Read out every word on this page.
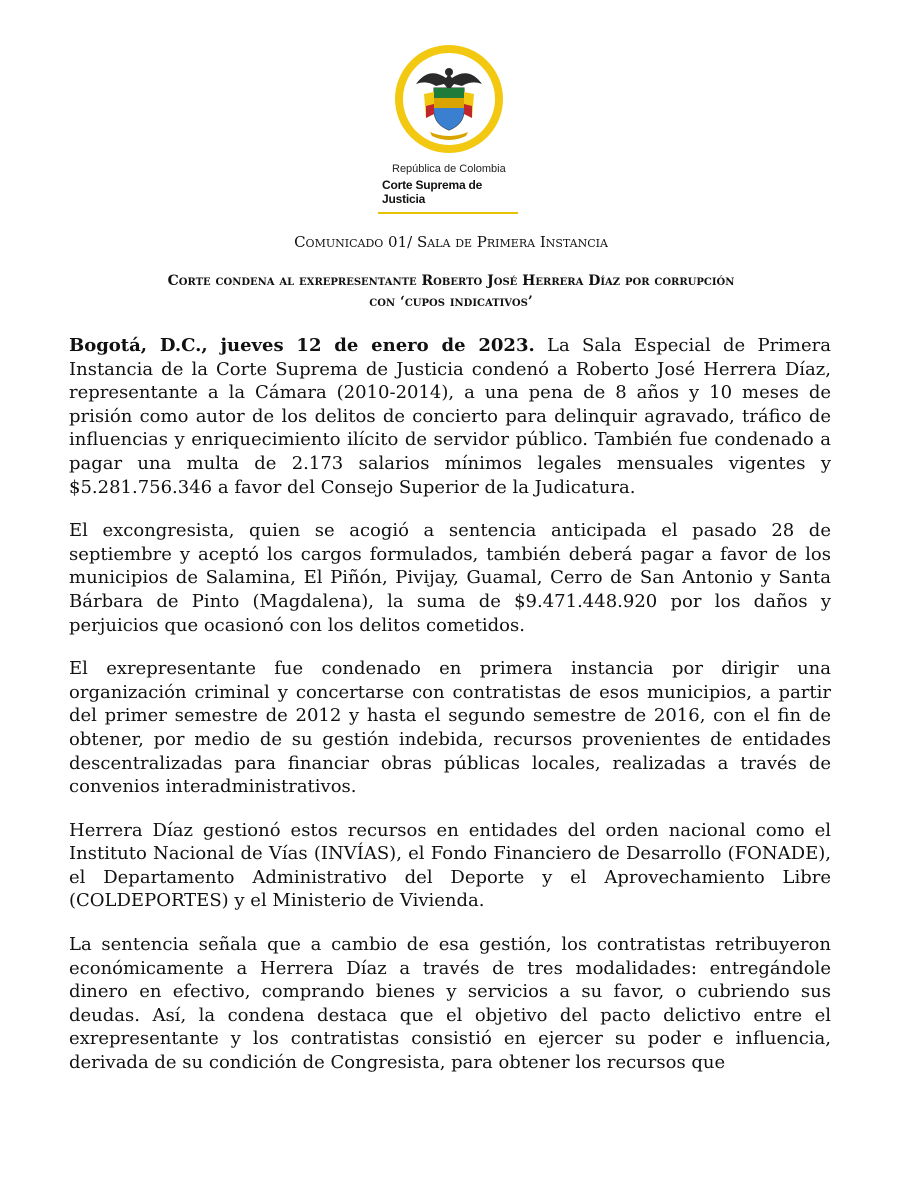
República de Colombia
Corte Suprema de Justicia
Comunicado 01/ Sala de Primera Instancia
Corte condena al exrepresentante Roberto José Herrera Díaz por corrupción
con ‘cupos indicativos’

Bogotá, D.C., jueves 12 de enero de 2023. La Sala Especial de Primera Instancia de la Corte Suprema de Justicia condenó a Roberto José Herrera Díaz, representante a la Cámara (2010-2014), a una pena de 8 años y 10 meses de prisión como autor de los delitos de concierto para delinquir agravado, tráfico de influencias y enriquecimiento ilícito de servidor público. También fue condenado a pagar una multa de 2.173 salarios mínimos legales mensuales vigentes y $5.281.756.346 a favor del Consejo Superior de la Judicatura.

El excongresista, quien se acogió a sentencia anticipada el pasado 28 de septiembre y aceptó los cargos formulados, también deberá pagar a favor de los municipios de Salamina, El Piñón, Pivijay, Guamal, Cerro de San Antonio y Santa Bárbara de Pinto (Magdalena), la suma de $9.471.448.920 por los daños y perjuicios que ocasionó con los delitos cometidos.

El exrepresentante fue condenado en primera instancia por dirigir una organización criminal y concertarse con contratistas de esos municipios, a partir del primer semestre de 2012 y hasta el segundo semestre de 2016, con el fin de obtener, por medio de su gestión indebida, recursos provenientes de entidades descentralizadas para financiar obras públicas locales, realizadas a través de convenios interadministrativos.

Herrera Díaz gestionó estos recursos en entidades del orden nacional como el Instituto Nacional de Vías (INVÍAS), el Fondo Financiero de Desarrollo (FONADE), el Departamento Administrativo del Deporte y el Aprovechamiento Libre (COLDEPORTES) y el Ministerio de Vivienda.

La sentencia señala que a cambio de esa gestión, los contratistas retribuyeron económicamente a Herrera Díaz a través de tres modalidades: entregándole dinero en efectivo, comprando bienes y servicios a su favor, o cubriendo sus deudas. Así, la condena destaca que el objetivo del pacto delictivo entre el exrepresentante y los contratistas consistió en ejercer su poder e influencia, derivada de su condición de Congresista, para obtener los recursos que
